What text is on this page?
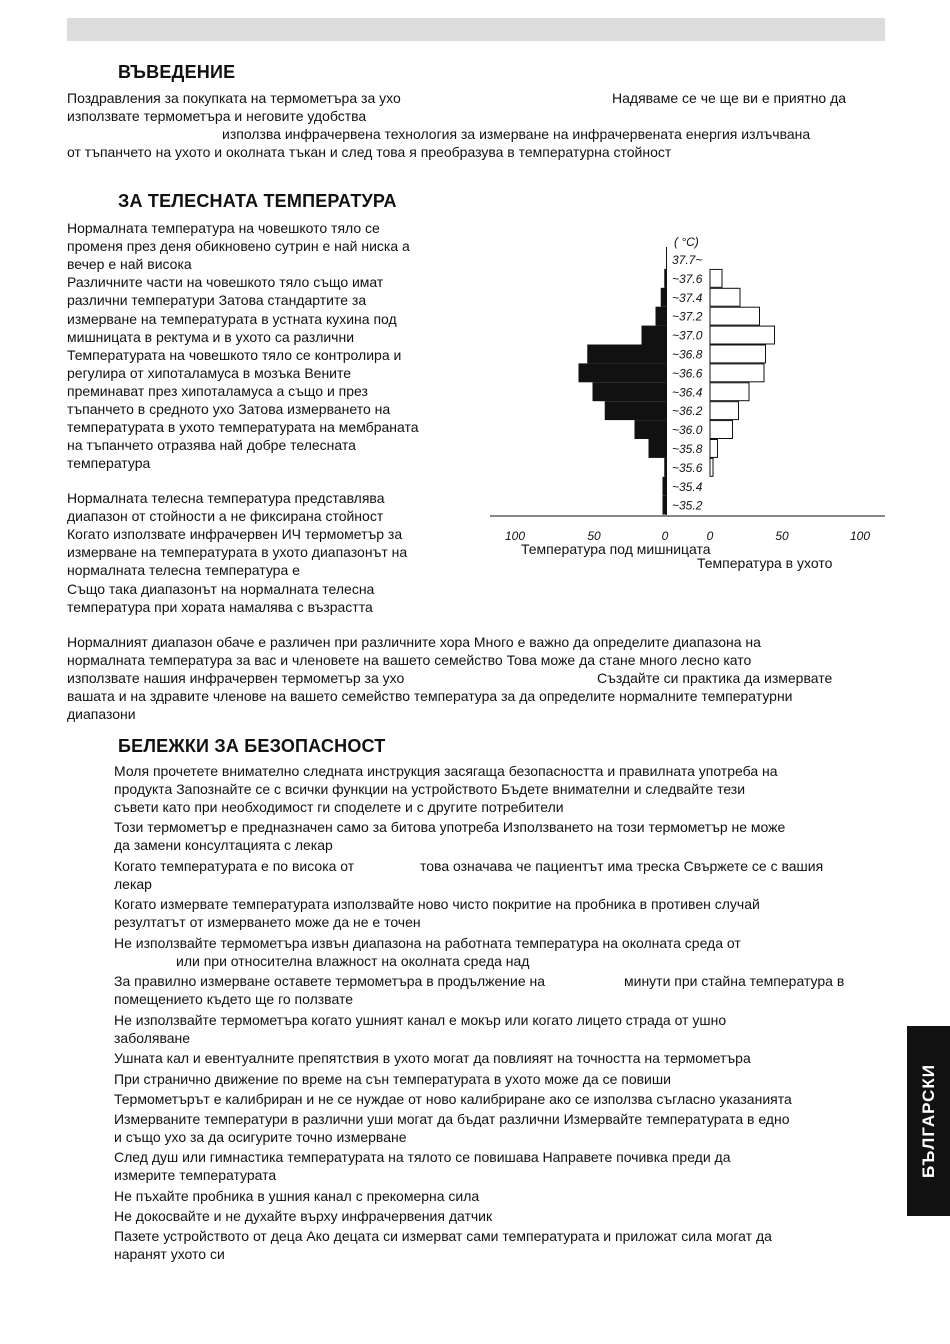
ВЪВЕДЕНИЕ
Поздравления за покупката на термометъра за ухо	Надяваме се че ще ви е приятно да
използвате термометъра и неговите удобства
използва инфрачервена технология за измерване на инфрачервената енергия излъчвана
от тъпанчето на ухото и околната тъкан и след това я преобразува в температурна стойност
ЗА ТЕЛЕСНАТА ТЕМПЕРАТУРА
Нормалната температура на човешкото тяло се
променя през деня обикновено сутрин е най ниска а
вечер е най висока
Различните части на човешкото тяло също имат
различни температури Затова стандартите за
измерване на температурата в устната кухина под
мишницата в ректума и в ухото са различни
Температурата на човешкото тяло се контролира и
регулира от хипоталамуса в мозъка Вените
преминават през хипоталамуса а също и през
тъпанчето в средното ухо Затова измерването на
температурата в ухото температурата на мембраната
на тъпанчето отразява най добре телесната
температура
Нормалната телесна температура представлява
диапазон от стойности а не фиксирана стойност
Когато използвате инфрачервен ИЧ термометър за
измерване на температурата в ухото диапазонът на
нормалната телесна температура е
Също така диапазонът на нормалната телесна
температура при хората намалява с възрастта
Нормалният диапазон обаче е различен при различните хора Много е важно да определите диапазона на
нормалната температура за вас и членовете на вашето семейство Това може да стане много лесно като
използвате нашия инфрачервен термометър за ухо	Създайте си практика да измервате
вашата и на здравите членове на вашето семейство температура за да определите нормалните температурни
диапазони
( °C)
37.7~
~37.6
~37.4
~37.2
~37.0
~36.8
~36.6
~36.4
~36.2
~36.0
~35.8
~35.6
~35.4
~35.2
100	50	0	0	50	100
Температура под мишницата
Температура в ухото
БЕЛЕЖКИ ЗА БЕЗОПАСНОСТ
Моля прочетете внимателно следната инструкция засягаща безопасността и правилната употреба на
продукта Запознайте се с всички функции на устройството Бъдете внимателни и следвайте тези
съвети като при необходимост ги споделете и с другите потребители
Този термометър е предназначен само за битова употреба Използването на този термометър не може
да замени консултацията с лекар
Когато температурата е по висока от	това означава че пациентът има треска Свържете се с вашия
лекар
Когато измервате температурата използвайте ново чисто покритие на пробника в противен случай
резултатът от измерването може да не е точен
Не използвайте термометъра извън диапазона на работната температура на околната среда от
или при относителна влажност на околната среда над
За правилно измерване оставете термометъра в продължение на	минути при стайна температура в
помещението където ще го ползвате
Не използвайте термометъра когато ушният канал е мокър или когато лицето страда от ушно
заболяване
Ушната кал и евентуалните препятствия в ухото могат да повлияят на точността на термометъра
При странично движение по време на сън температурата в ухото може да се повиши
Термометърът е калибриран и не се нуждае от ново калибриране ако се използва съгласно указанията
Измерваните температури в различни уши могат да бъдат различни Измервайте температурата в едно
и също ухо за да осигурите точно измерване
След душ или гимнастика температурата на тялото се повишава Направете почивка преди да
измерите температурата
Не пъхайте пробника в ушния канал с прекомерна сила
Не докосвайте и не духайте върху инфрачервения датчик
Пазете устройството от деца Ако децата си измерват сами температурата и приложат сила могат да
наранят ухото си
БЪЛГАРСКИ
